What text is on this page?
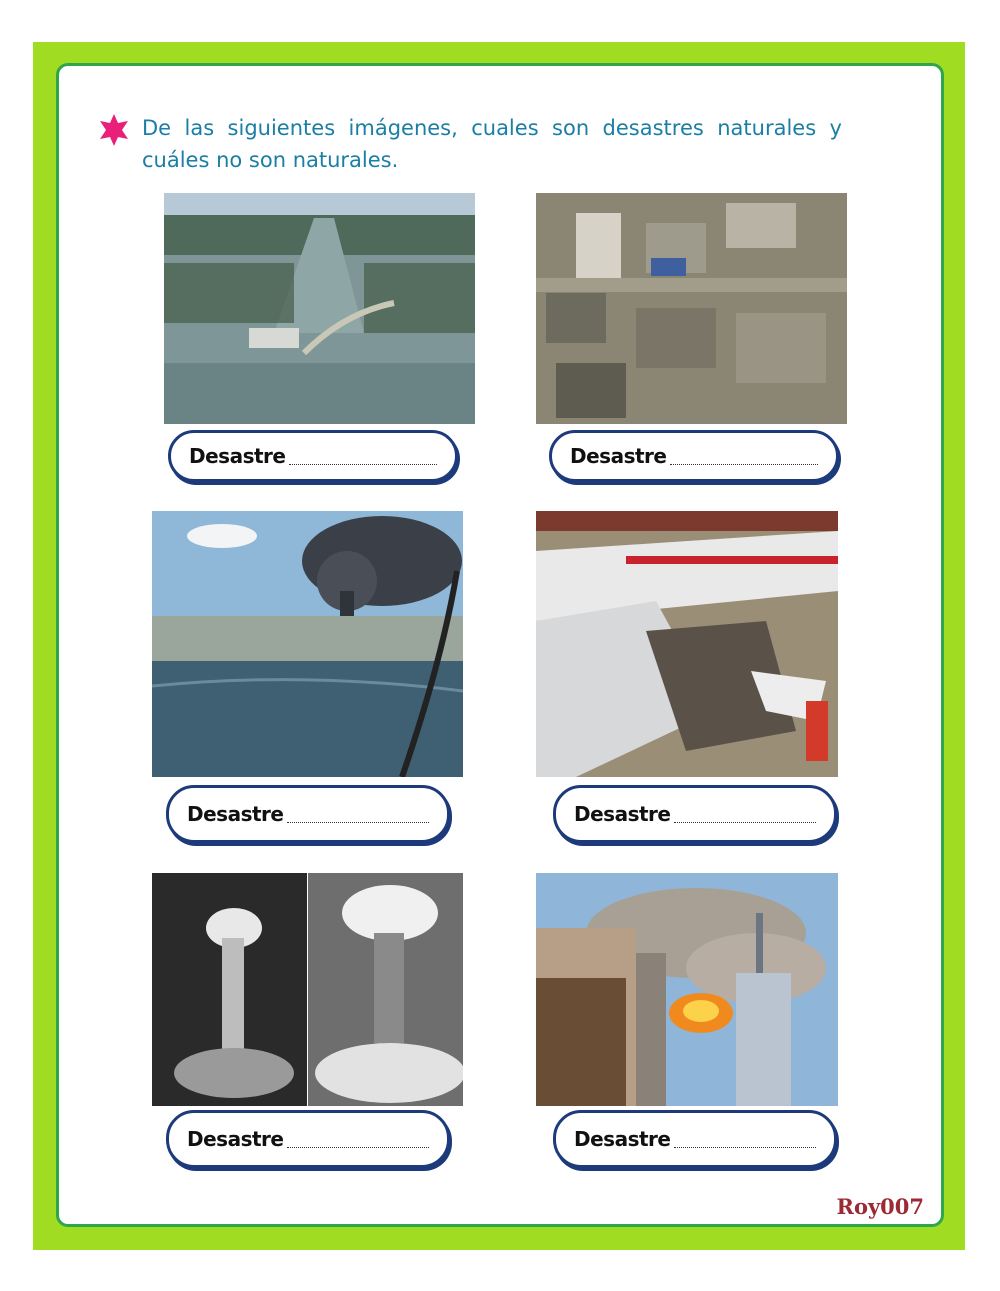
De las siguientes imágenes, cuales son desastres naturales y cuáles no son naturales.

Desastre	Desastre
Desastre	Desastre
Desastre	Desastre
Roy007
